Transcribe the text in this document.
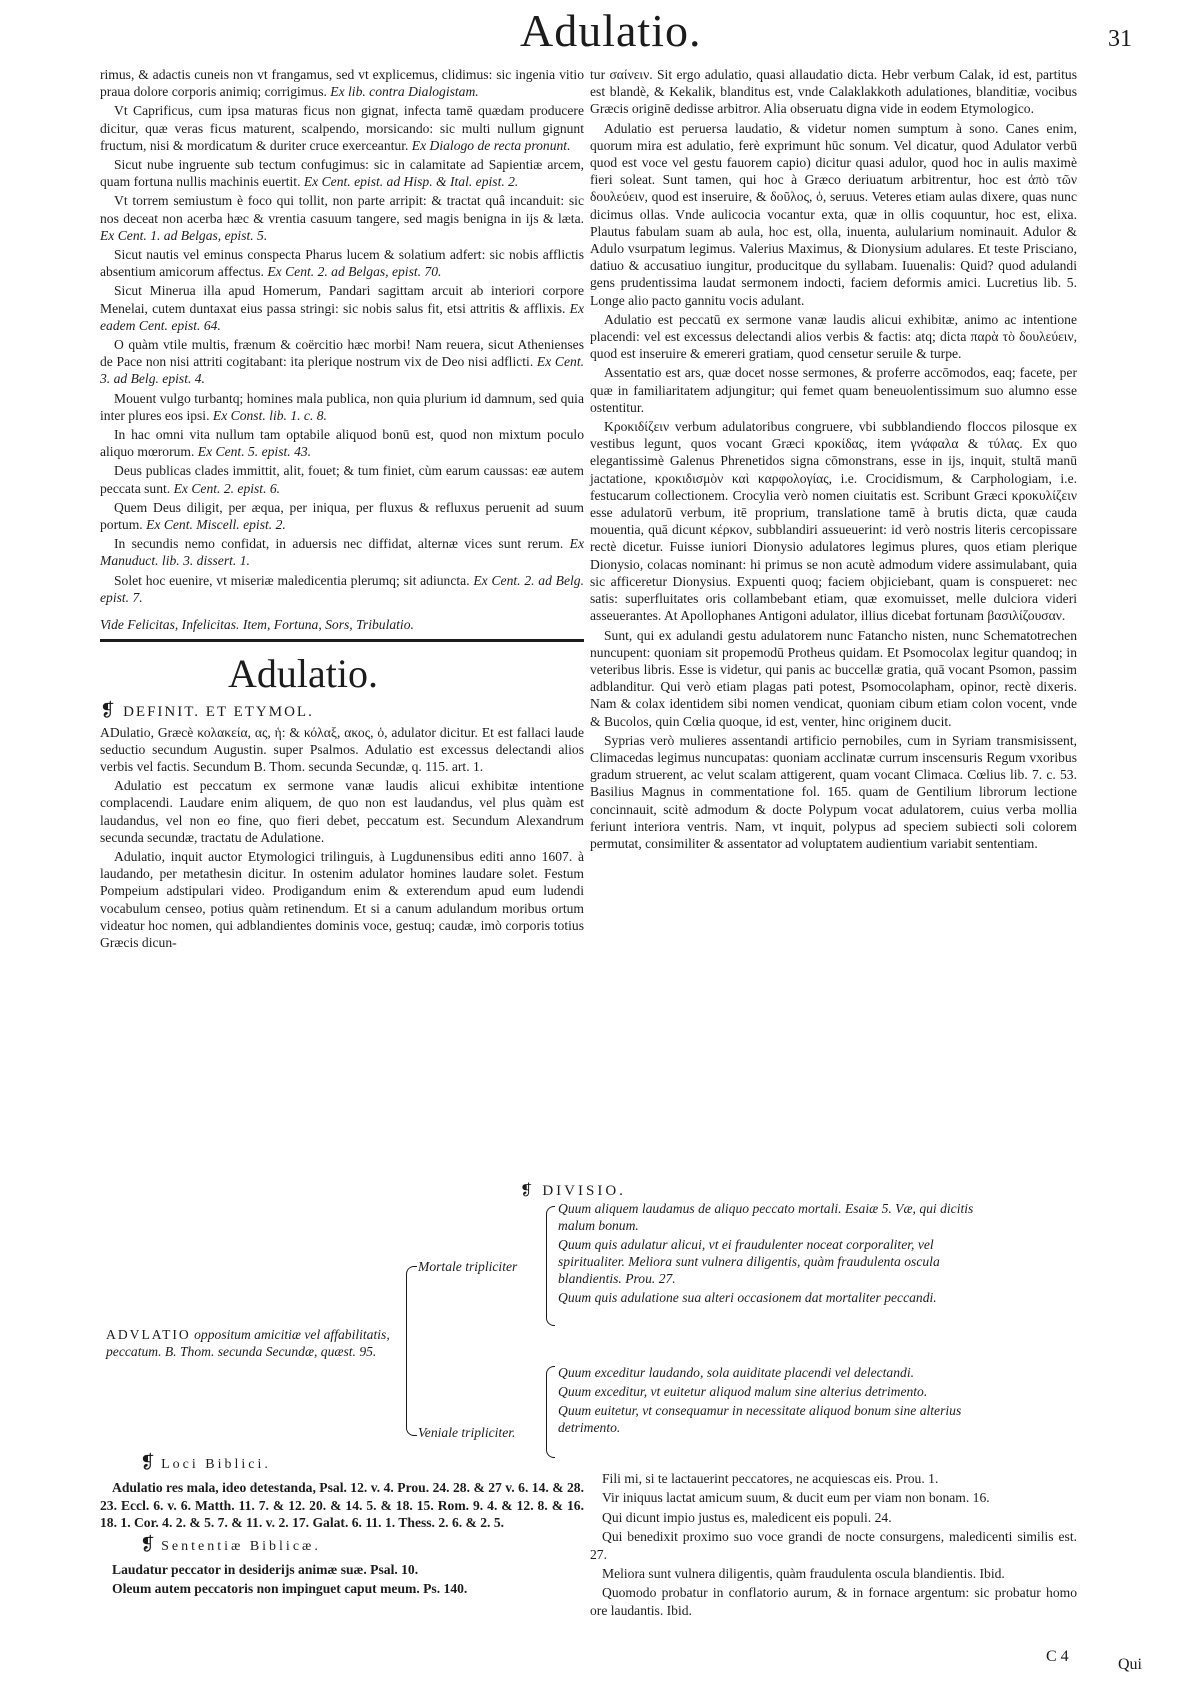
Adulatio.	31

rimus, & adactis cuneis non vt frangamus, sed vt explicemus, clidimus: sic ingenia vitio praua dolore corporis animiq; corrigimus. Ex lib. contra Dialogistam.

Vt Caprificus, cum ipsa maturas ficus non gignat, infecta tamē quædam producere dicitur, quæ veras ficus maturent, scalpendo, morsicando: sic multi nullum gignunt fructum, nisi & mordicatum & duriter cruce exerceantur. Ex Dialogo de recta pronunt.

Sicut nube ingruente sub tectum confugimus: sic in calamitate ad Sapientiæ arcem, quam fortuna nullis machinis euertit. Ex Cent. epist. ad Hisp. & Ital. epist. 2.

Vt torrem semiustum è foco qui tollit, non parte arripit: & tractat quâ incanduit: sic nos deceat non acerba hæc & vrentia casuum tangere, sed magis benigna in ijs & læta. Ex Cent. 1. ad Belgas, epist. 5.

Sicut nautis vel eminus conspecta Pharus lucem & solatium adfert: sic nobis afflictis absentium amicorum affectus. Ex Cent. 2. ad Belgas, epist. 70.

Sicut Minerua illa apud Homerum, Pandari sagittam arcuit ab interiori corpore Menelai, cutem duntaxat eius passa stringi: sic nobis salus fit, etsi attritis & afflixis. Ex eadem Cent. epist. 64.

O quàm vtile multis, frænum & coërcitio hæc morbi! Nam reuera, sicut Athenienses de Pace non nisi attriti cogitabant: ita plerique nostrum vix de Deo nisi adflicti. Ex Cent. 3. ad Belg. epist. 4.

Mouent vulgo turbantq; homines mala publica, non quia plurium id damnum, sed quia inter plures eos ipsi. Ex Const. lib. 1. c. 8.

In hac omni vita nullum tam optabile aliquod bonū est, quod non mixtum poculo aliquo mœrorum. Ex Cent. 5. epist. 43.

Deus publicas clades immittit, alit, fouet; & tum finiet, cùm earum caussas: eæ autem peccata sunt. Ex Cent. 2. epist. 6.

Quem Deus diligit, per æqua, per iniqua, per fluxus & refluxus peruenit ad suum portum. Ex Cent. Miscell. epist. 2.

In secundis nemo confidat, in aduersis nec diffidat, alternæ vices sunt rerum. Ex Manuduct. lib. 3. dissert. 1.

Solet hoc euenire, vt miseriæ maledicentia plerumq; sit adiuncta. Ex Cent. 2. ad Belg. epist. 7.

Vide Felicitas, Infelicitas. Item, Fortuna, Sors, Tribulatio.

Adulatio.

❡ DEFINIT. ET ETYMOL.

ADulatio, Græcè κολακεία, ας, ἡ: & κόλαξ, ακος, ὁ, adulator dicitur. Et est fallaci laude seductio secundum Augustin. super Psalmos. Adulatio est excessus delectandi alios verbis vel factis. Secundum B. Thom. secunda Secundæ, q. 115. art. 1.

Adulatio est peccatum ex sermone vanæ laudis alicui exhibitæ intentione complacendi. Laudare enim aliquem, de quo non est laudandus, vel plus quàm est laudandus, vel non eo fine, quo fieri debet, peccatum est. Secundum Alexandrum secunda secundæ, tractatu de Adulatione.

Adulatio, inquit auctor Etymologici trilinguis, à Lugdunensibus editi anno 1607. à laudando, per metathesin dicitur. In ostenim adulator homines laudare solet. Festum Pompeium adstipulari video. Prodigandum enim & exterendum apud eum ludendi vocabulum censeo, potius quàm retinendum. Et si a canum adulandum moribus ortum videatur hoc nomen, qui adblandientes dominis voce, gestuq; caudæ, imò corporis totius Græcis dicun-

tur σαίνειν. Sit ergo adulatio, quasi allaudatio dicta. Hebr verbum Calak, id est, partitus est blandè, & Kekalik, blanditus est, vnde Calaklakkoth adulationes, blanditiæ, vocibus Græcis originē dedisse arbitror. Alia obseruatu digna vide in eodem Etymologico.

Adulatio est peruersa laudatio, & videtur nomen sumptum à sono. Canes enim, quorum mira est adulatio, ferè exprimunt hūc sonum. Vel dicatur, quod Adulator verbū quod est voce vel gestu fauorem capio) dicitur quasi adulor, quod hoc in aulis maximè fieri soleat. Sunt tamen, qui hoc à Græco deriuatum arbitrentur, hoc est ἀπὸ τῶν δουλεύειν, quod est inseruire, & δοῦλος, ὁ, seruus. Veteres etiam aulas dixere, quas nunc dicimus ollas. Vnde aulicocia vocantur exta, quæ in ollis coquuntur, hoc est, elixa. Plautus fabulam suam ab aula, hoc est, olla, inuenta, aulularium nominauit. Adulor & Adulo vsurpatum legimus. Valerius Maximus, & Dionysium adulares. Et teste Prisciano, datiuo & accusatiuo iungitur, producitque du syllabam. Iuuenalis: Quid? quod adulandi gens prudentissima laudat sermonem indocti, faciem deformis amici. Lucretius lib. 5. Longe alio pacto gannitu vocis adulant.

Adulatio est peccatū ex sermone vanæ laudis alicui exhibitæ, animo ac intentione placendi: vel est excessus delectandi alios verbis & factis: atq; dicta παρὰ τὸ δουλεύειν, quod est inseruire & emereri gratiam, quod censetur seruile & turpe.

Assentatio est ars, quæ docet nosse sermones, & proferre accōmodos, eaq; facete, per quæ in familiaritatem adjungitur; qui femet quam beneuolentissimum suo alumno esse ostentitur.

Κροκιδίζειν verbum adulatoribus congruere, vbi subblandiendo floccos pilosque ex vestibus legunt, quos vocant Græci κροκίδας, item γνάφαλα & τύλας. Ex quo elegantissimè Galenus Phrenetidos signa cōmonstrans, esse in ijs, inquit, stultā manū jactatione, κροκιδισμὸν καὶ καρφολογίας, i.e. Crocidismum, & Carphologiam, i.e. festucarum collectionem. Crocylia verò nomen ciuitatis est. Scribunt Græci κροκυλίζειν esse adulatorū verbum, itē proprium, translatione tamē à brutis dicta, quæ cauda mouentia, quā dicunt κέρκον, subblandiri assueuerint: id verò nostris literis cercopissare rectè dicetur. Fuisse iuniori Dionysio adulatores legimus plures, quos etiam plerique Dionysio, colacas nominant: hi primus se non acutè admodum videre assimulabant, quia sic afficeretur Dionysius. Expuenti quoq; faciem objiciebant, quam is conspueret: nec satis: superfluitates oris collambebant etiam, quæ exomuisset, melle dulciora videri asseuerantes. At Apollophanes Antigoni adulator, illius dicebat fortunam βασιλίζουσαν.

Sunt, qui ex adulandi gestu adulatorem nunc Fatancho nisten, nunc Schematotrechen nuncupent: quoniam sit propemodū Protheus quidam. Et Psomocolax legitur quandoq; in veteribus libris. Esse is videtur, qui panis ac buccellæ gratia, quā vocant Psomon, passim adblanditur. Qui verò etiam plagas pati potest, Psomocolapham, opinor, rectè dixeris. Nam & colax identidem sibi nomen vendicat, quoniam cibum etiam colon vocent, vnde & Bucolos, quin Cœlia quoque, id est, venter, hinc originem ducit.

Syprias verò mulieres assentandi artificio pernobiles, cum in Syriam transmisissent, Climacedas legimus nuncupatas: quoniam acclinatæ currum inscensuris Regum vxoribus gradum struerent, ac velut scalam attigerent, quam vocant Climaca. Cœlius lib. 7. c. 53. Basilius Magnus in commentatione fol. 165. quam de Gentilium librorum lectione concinnauit, scitè admodum & docte Polypum vocat adulatorem, cuius verba mollia feriunt interiora ventris. Nam, vt inquit, polypus ad speciem subiecti soli colorem permutat, consimiliter & assentator ad voluptatem audientium variabit sententiam.

❡ DIVISIO.
ADVLATIO oppositum amicitiæ vel affabilitatis, peccatum. B. Thom. secunda Secundæ, quæst. 95.
Mortale tripliciter
Veniale tripliciter.
Quum aliquem laudamus de aliquo peccato mortali. Esaiæ 5. Væ, qui dicitis malum bonum.
Quum quis adulatur alicui, vt ei fraudulenter noceat corporaliter, vel spiritualiter. Meliora sunt vulnera diligentis, quàm fraudulenta oscula blandientis. Prou. 27.
Quum quis adulatione sua alteri occasionem dat mortaliter peccandi.
Quum exceditur laudando, sola auiditate placendi vel delectandi.
Quum exceditur, vt euitetur aliquod malum sine alterius detrimento.
Quum euitetur, vt consequamur in necessitate aliquod bonum sine alterius detrimento.

❡ Loci Biblici.

Adulatio res mala, ideo detestanda, Psal. 12. v. 4. Prou. 24. 28. & 27 v. 6. 14. & 28. 23. Eccl. 6. v. 6. Matth. 11. 7. & 12. 20. & 14. 5. & 18. 15. Rom. 9. 4. & 12. 8. & 16. 18. 1. Cor. 4. 2. & 5. 7. & 11. v. 2. 17. Galat. 6. 11. 1. Thess. 2. 6. & 2. 5.

❡ Sententiæ Biblicæ.

Laudatur peccator in desiderijs animæ suæ. Psal. 10.

Oleum autem peccatoris non impinguet caput meum. Ps. 140.

Fili mi, si te lactauerint peccatores, ne acquiescas eis. Prou. 1.

Vir iniquus lactat amicum suum, & ducit eum per viam non bonam. 16.

Qui dicunt impio justus es, maledicent eis populi. 24.

Qui benedixit proximo suo voce grandi de nocte consurgens, maledicenti similis est. 27.

Meliora sunt vulnera diligentis, quàm fraudulenta oscula blandientis. Ibid.

Quomodo probatur in conflatorio aurum, & in fornace argentum: sic probatur homo ore laudantis. Ibid.

C 4	Qui
